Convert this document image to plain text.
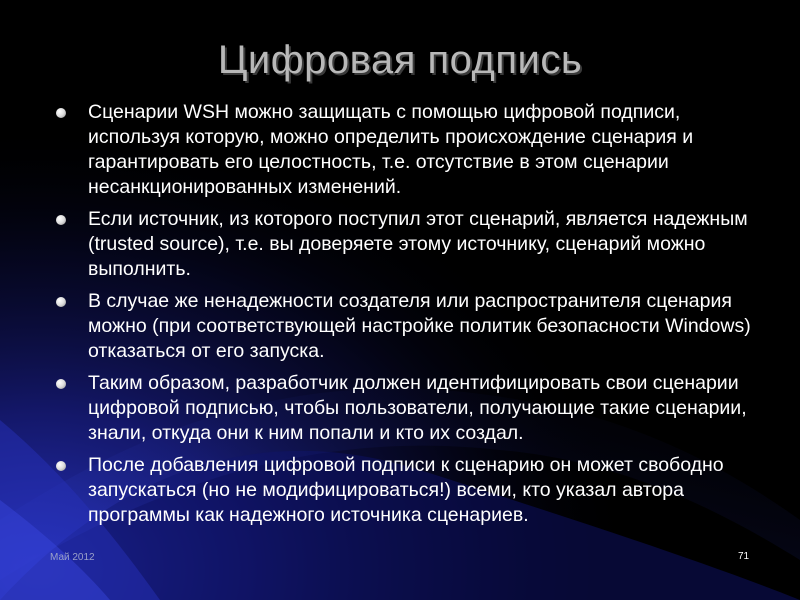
Цифровая подпись
Сценарии WSH можно защищать с помощью цифровой подписи, используя которую, можно определить происхождение сценария и гарантировать его целостность, т.е. отсутствие в этом сценарии несанкционированных изменений.
Если источник, из которого поступил этот сценарий, является надежным (trusted source), т.е. вы доверяете этому источнику, сценарий можно выполнить.
В случае же ненадежности создателя или распространителя сценария можно (при соответствующей настройке политик безопасности Windows) отказаться от его запуска.
Таким образом, разработчик должен идентифицировать свои сценарии цифровой подписью, чтобы пользователи, получающие такие сценарии, знали, откуда они к ним попали и кто их создал.
После добавления цифровой подписи к сценарию он может свободно запускаться (но не модифицироваться!) всеми, кто указал автора программы как надежного источника сценариев.
Май 2012	71
